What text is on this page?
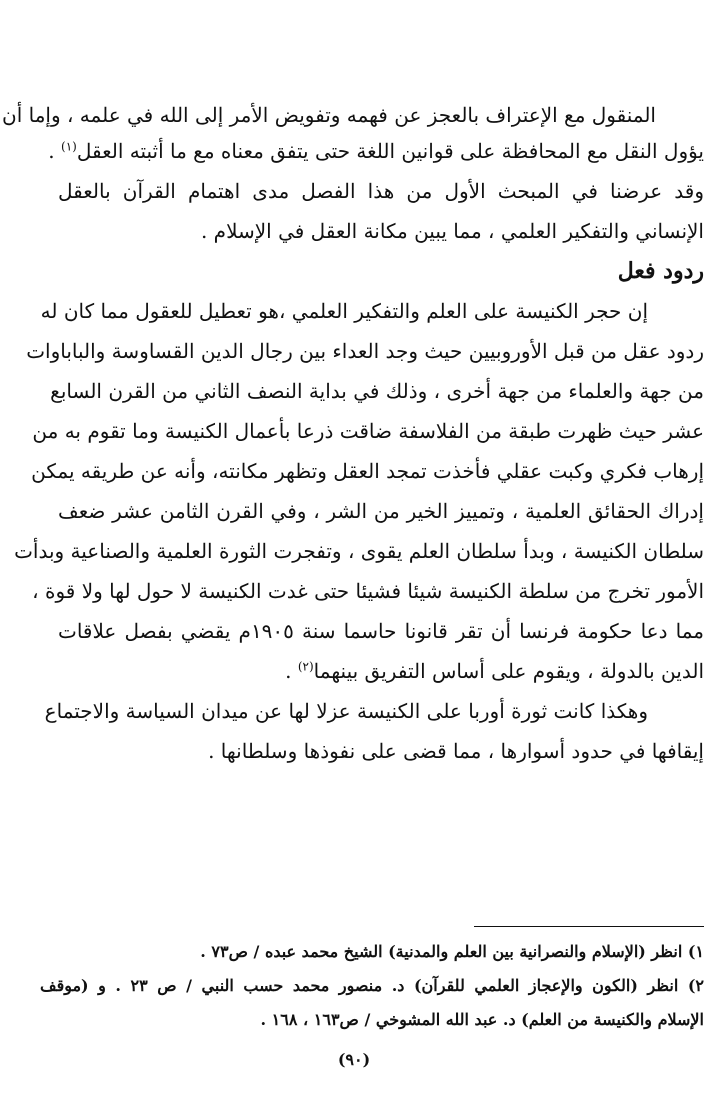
المنقول مع الإعتراف بالعجز عن فهمه وتفويض الأمر إلى الله في علمه ، وإما أن
يؤول النقل مع المحافظة على قوانين اللغة حتى يتفق معناه مع ما أثبته العقل$^{(١)}$ .
وقد عرضنا في المبحث الأول من هذا الفصل مدى اهتمام القرآن بالعقل
الإنساني والتفكير العلمي ، مما يبين مكانة العقل في الإسلام .
ردود فعل
إن حجر الكنيسة على العلم والتفكير العلمي ،هو تعطيل للعقول مما كان له
ردود عقل من قبل الأوروبيين حيث وجد العداء بين رجال الدين القساوسة والباباوات
من جهة والعلماء من جهة أخرى ، وذلك في بداية النصف الثاني من القرن السابع
عشر حيث ظهرت طبقة من الفلاسفة ضاقت ذرعا بأعمال الكنيسة وما تقوم به من
إرهاب فكري وكبت عقلي فأخذت تمجد العقل وتظهر مكانته، وأنه عن طريقه يمكن
إدراك الحقائق العلمية ، وتمييز الخير من الشر ، وفي القرن الثامن عشر ضعف
سلطان الكنيسة ، وبدأ سلطان العلم يقوى ، وتفجرت الثورة العلمية والصناعية وبدأت
الأمور تخرج من سلطة الكنيسة شيئا فشيئا حتى غدت الكنيسة لا حول لها ولا قوة ،
مما دعا حكومة فرنسا أن تقر قانونا حاسما سنة ١٩٠٥م يقضي بفصل علاقات
الدين بالدولة ، ويقوم على أساس التفريق بينهما$^{(٢)}$ .
وهكذا كانت ثورة أوربا على الكنيسة عزلا لها عن ميدان السياسة والاجتماع
إيقافها في حدود أسوارها ، مما قضى على نفوذها وسلطانها .
١) انظر (الإسلام والنصرانية بين العلم والمدنية) الشيخ محمد عبده / ص٧٣ .
٢) انظر (الكون والإعجاز العلمي للقرآن) د. منصور محمد حسب النبي / ص ٢٣ . و (موقف
الإسلام والكنيسة من العلم) د. عبد الله المشوخي / ص١٦٣ ، ١٦٨ .
(٩٠)
